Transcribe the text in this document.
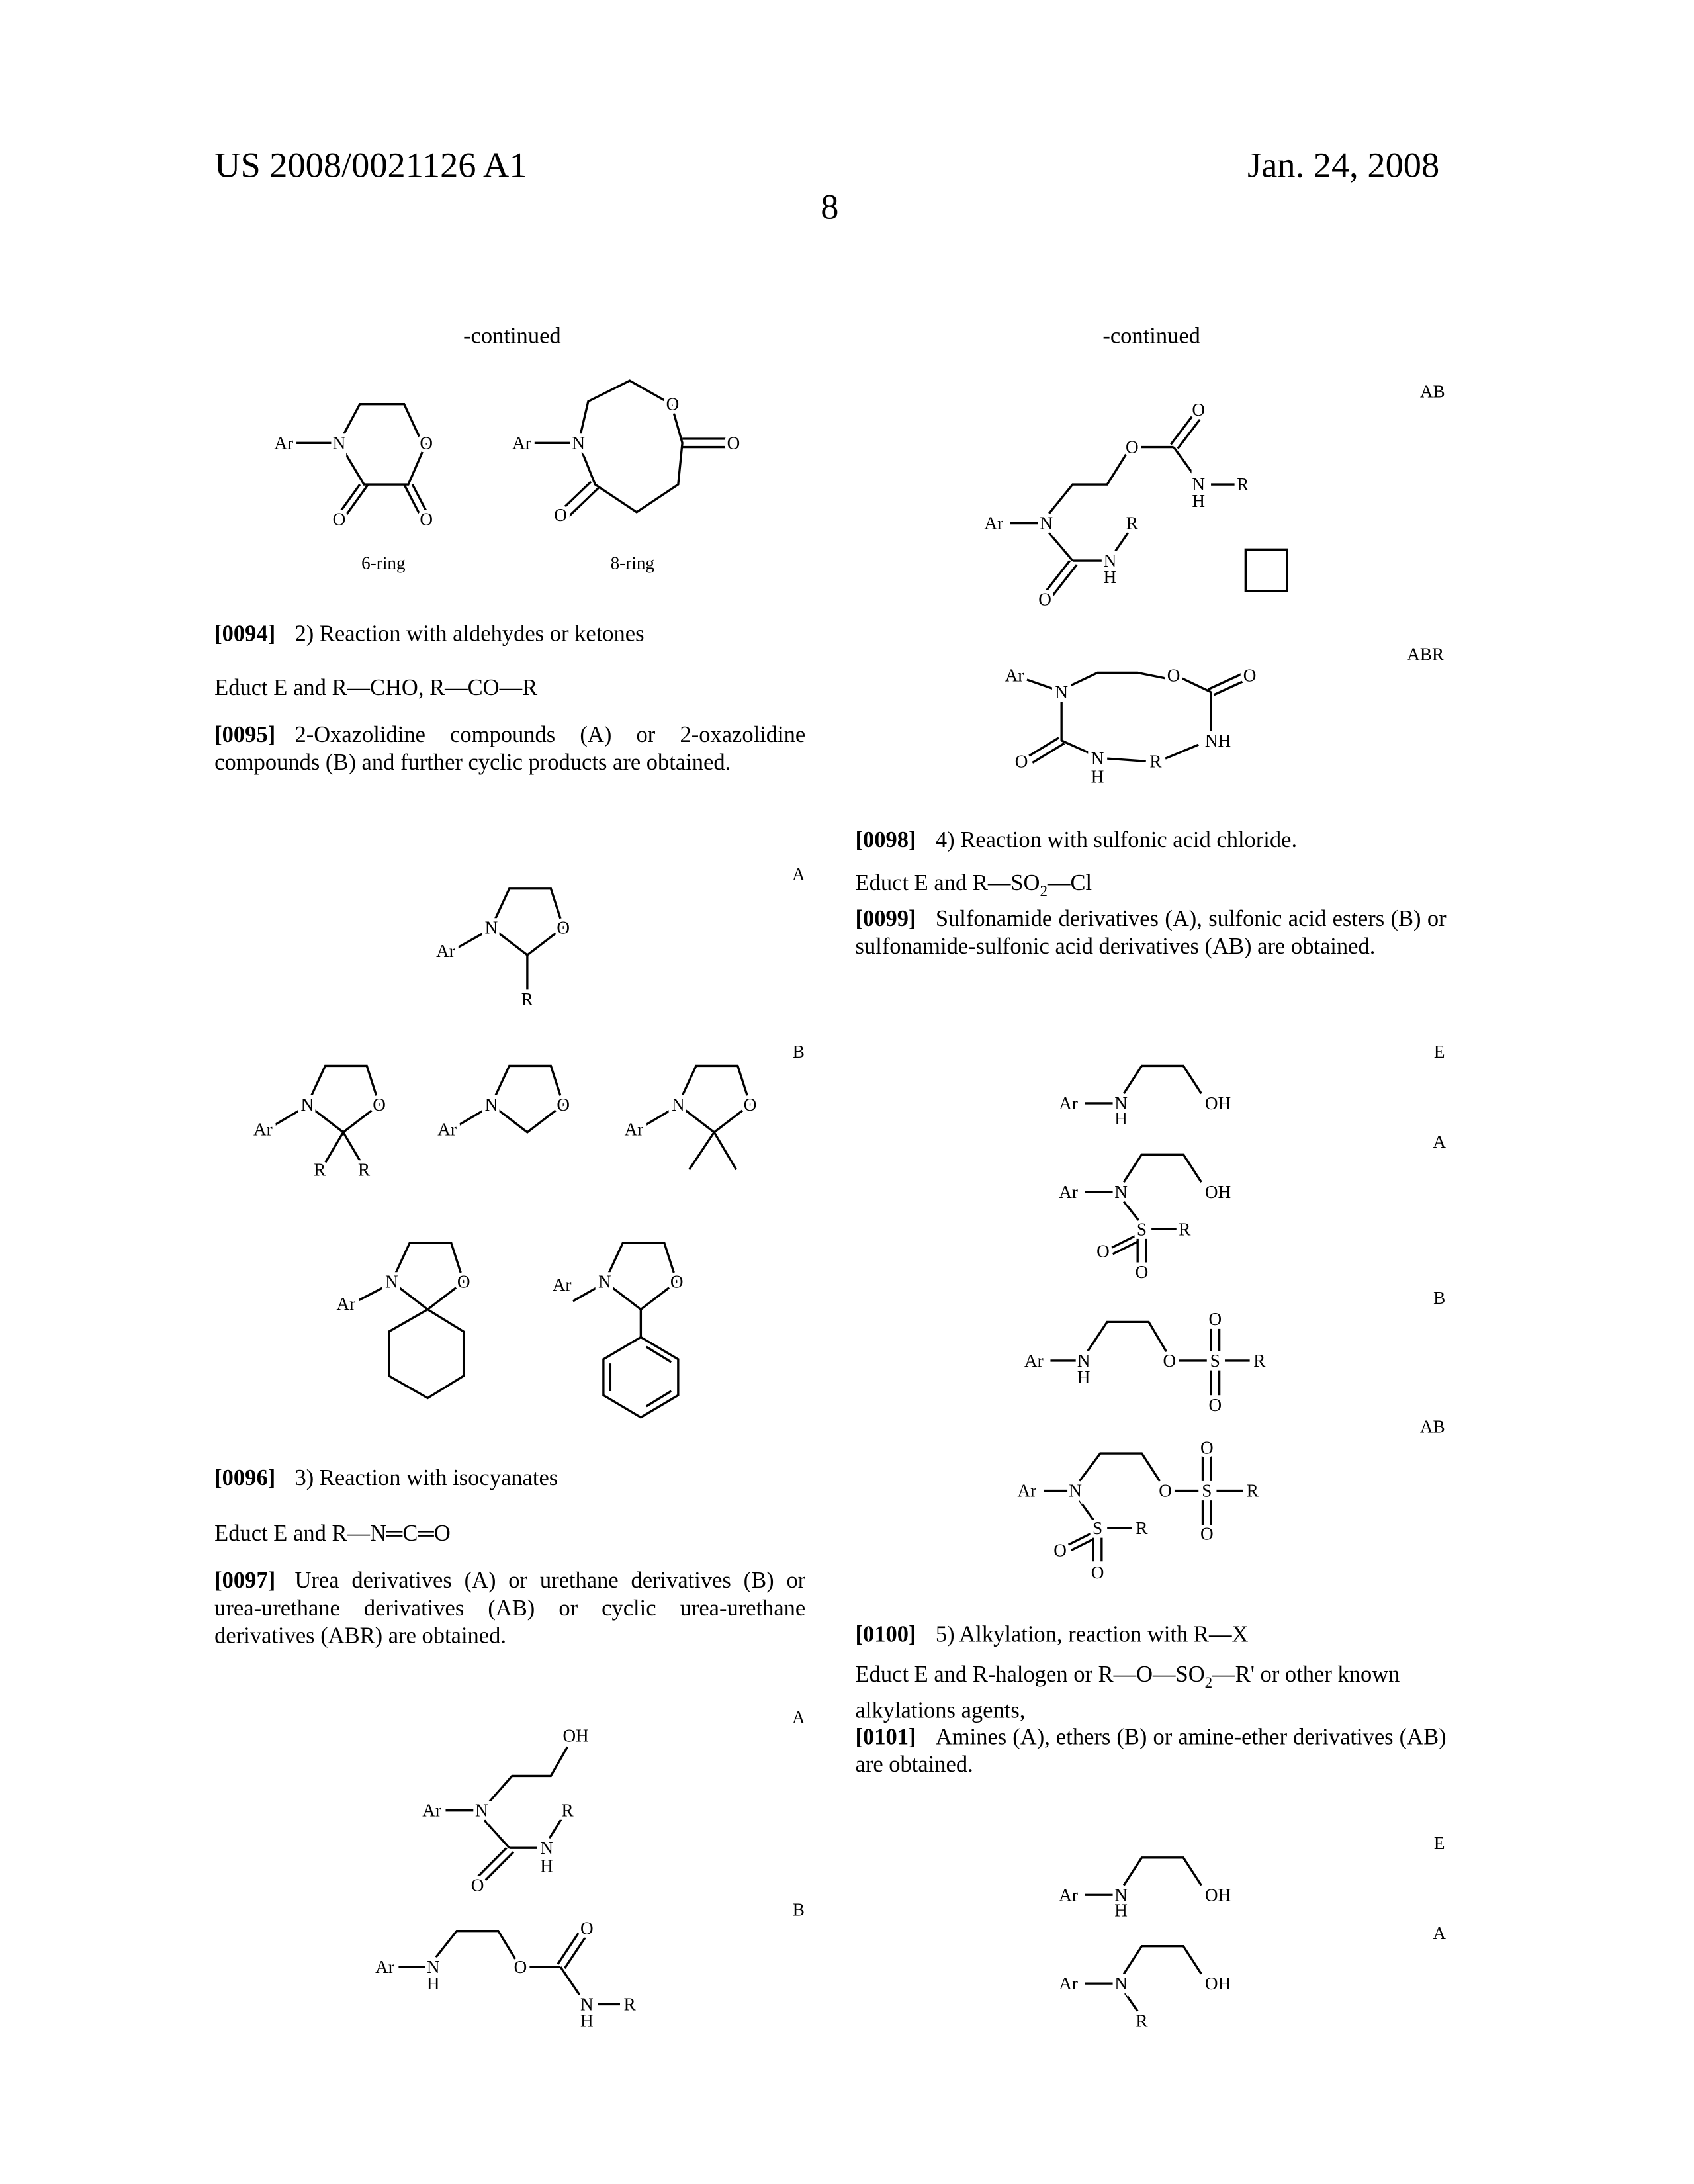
US 2008/0021126 A1	Jan. 24, 2008
8
Ar	N	O
O	O
Ar	N
O
O
O
N	O
Ar
R
N	O
Ar
R	R
N	O
Ar
N	O
Ar
N	O
Ar
N	O
Ar
OH
Ar	N	R
O
N
H
Ar	N
H
O
O
N
H
R
Ar	N
O
O
N
H
R
R
N
H
O
Ar
N
O	O
NH
R
N
H
O
Ar	N
H
OH
Ar	N	OH
S	R
O
O
Ar	N
H
O	S	R
O
O
Ar	N	O	S	R
O
O
S	R
O
O
Ar	N
H
OH
Ar	N	OH
R
-continued
6-ring	8-ring
[0094] 2) Reaction with aldehydes or ketones
Educt E and R—CHO, R—CO—R
[0095] 2-Oxazolidine compounds (A) or 2-oxazolidine compounds (B) and further cyclic products are obtained.
A
B
[0096] 3) Reaction with isocyanates
Educt E and R—N═C═O
[0097] Urea derivatives (A) or urethane derivatives (B) or urea-urethane derivatives (AB) or cyclic urea-urethane derivatives (ABR) are obtained.
A
B
-continued
AB
ABR
[0098] 4) Reaction with sulfonic acid chloride.
Educt E and R—SO2—Cl
[0099] Sulfonamide derivatives (A), sulfonic acid esters (B) or sulfonamide-sulfonic acid derivatives (AB) are obtained.
E
A
B
AB
[0100] 5) Alkylation, reaction with R—X
Educt E and R-halogen or R—O—SO2—R' or other known alkylations agents,
[0101] Amines (A), ethers (B) or amine-ether derivatives (AB) are obtained.
E
A
